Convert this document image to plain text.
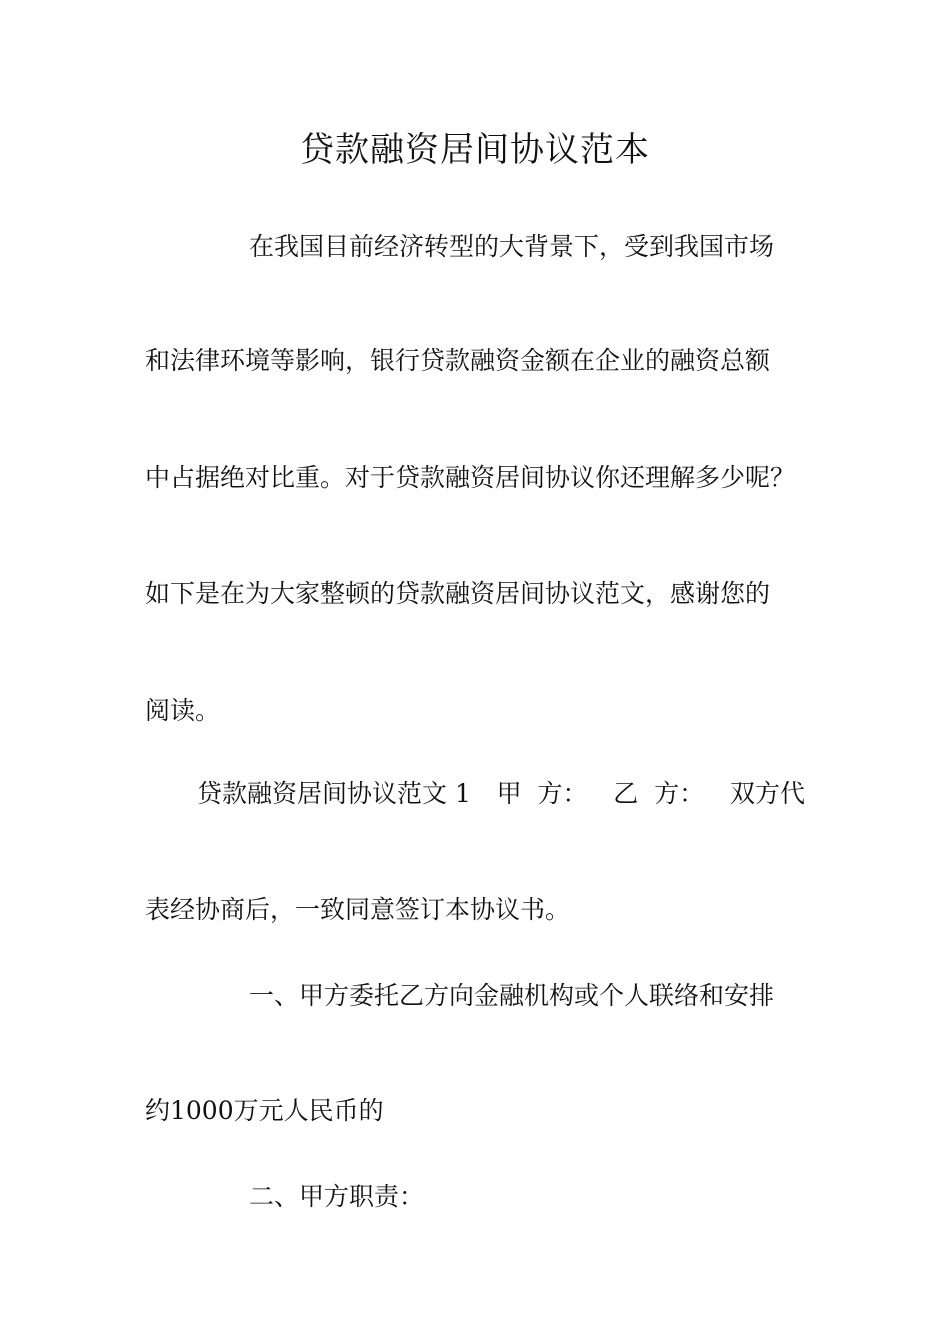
贷款融资居间协议范本
在我国目前经济转型的大背景下，受到我国市场
和法律环境等影响，银行贷款融资金额在企业的融资总额
中占据绝对比重。对于贷款融资居间协议你还理解多少呢？
如下是在为大家整顿的贷款融资居间协议范文，感谢您的
阅读。
贷款融资居间协议范文 1 甲  方： 乙  方： 双方代
表经协商后，一致同意签订本协议书。
一、甲方委托乙方向金融机构或个人联络和安排
约1000万元人民币的
二、甲方职责：
